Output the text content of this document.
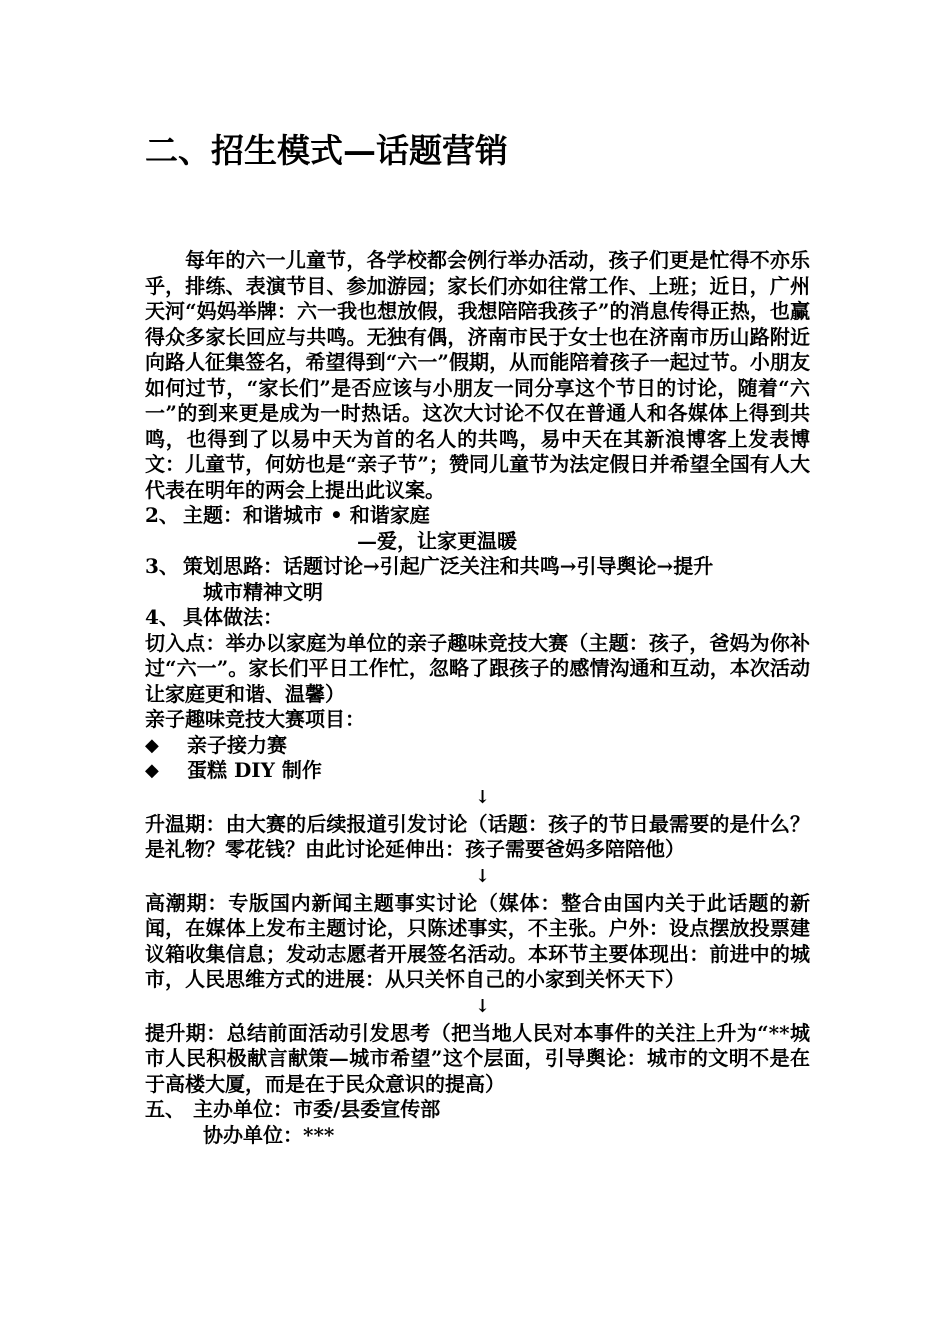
二、招生模式—话题营销

每年的六一儿童节，各学校都会例行举办活动，孩子们更是忙得不亦乐乎，排练、表演节目、参加游园；家长们亦如往常工作、上班；近日，广州天河“妈妈举牌：六一我也想放假，我想陪陪我孩子”的消息传得正热，也赢得众多家长回应与共鸣。无独有偶，济南市民于女士也在济南市历山路附近向路人征集签名，希望得到“六一”假期，从而能陪着孩子一起过节。小朋友如何过节，“家长们”是否应该与小朋友一同分享这个节日的讨论，随着“六一”的到来更是成为一时热话。这次大讨论不仅在普通人和各媒体上得到共鸣，也得到了以易中天为首的名人的共鸣，易中天在其新浪博客上发表博文：儿童节，何妨也是“亲子节”；赞同儿童节为法定假日并希望全国有人大代表在明年的两会上提出此议案。

2、 主题：和谐城市 • 和谐家庭

—爱，让家更温暖

3、 策划思路：话题讨论→引起广泛关注和共鸣→引导舆论→提升

城市精神文明

4、 具体做法：

切入点：举办以家庭为单位的亲子趣味竞技大赛（主题：孩子，爸妈为你补过“六一”。家长们平日工作忙，忽略了跟孩子的感情沟通和互动，本次活动让家庭更和谐、温馨）

亲子趣味竞技大赛项目：

◆	亲子接力赛
◆	蛋糕 DIY 制作

↓

升温期：由大赛的后续报道引发讨论（话题：孩子的节日最需要的是什么？是礼物？零花钱？由此讨论延伸出：孩子需要爸妈多陪陪他）

↓

高潮期：专版国内新闻主题事实讨论（媒体：整合由国内关于此话题的新闻，在媒体上发布主题讨论，只陈述事实，不主张。户外：设点摆放投票建议箱收集信息；发动志愿者开展签名活动。本环节主要体现出：前进中的城市，人民思维方式的进展：从只关怀自己的小家到关怀天下）

↓

提升期：总结前面活动引发思考（把当地人民对本事件的关注上升为“**城市人民积极献言献策—城市希望”这个层面，引导舆论：城市的文明不是在于高楼大厦，而是在于民众意识的提高）

五、 主办单位：市委/县委宣传部

协办单位：***
